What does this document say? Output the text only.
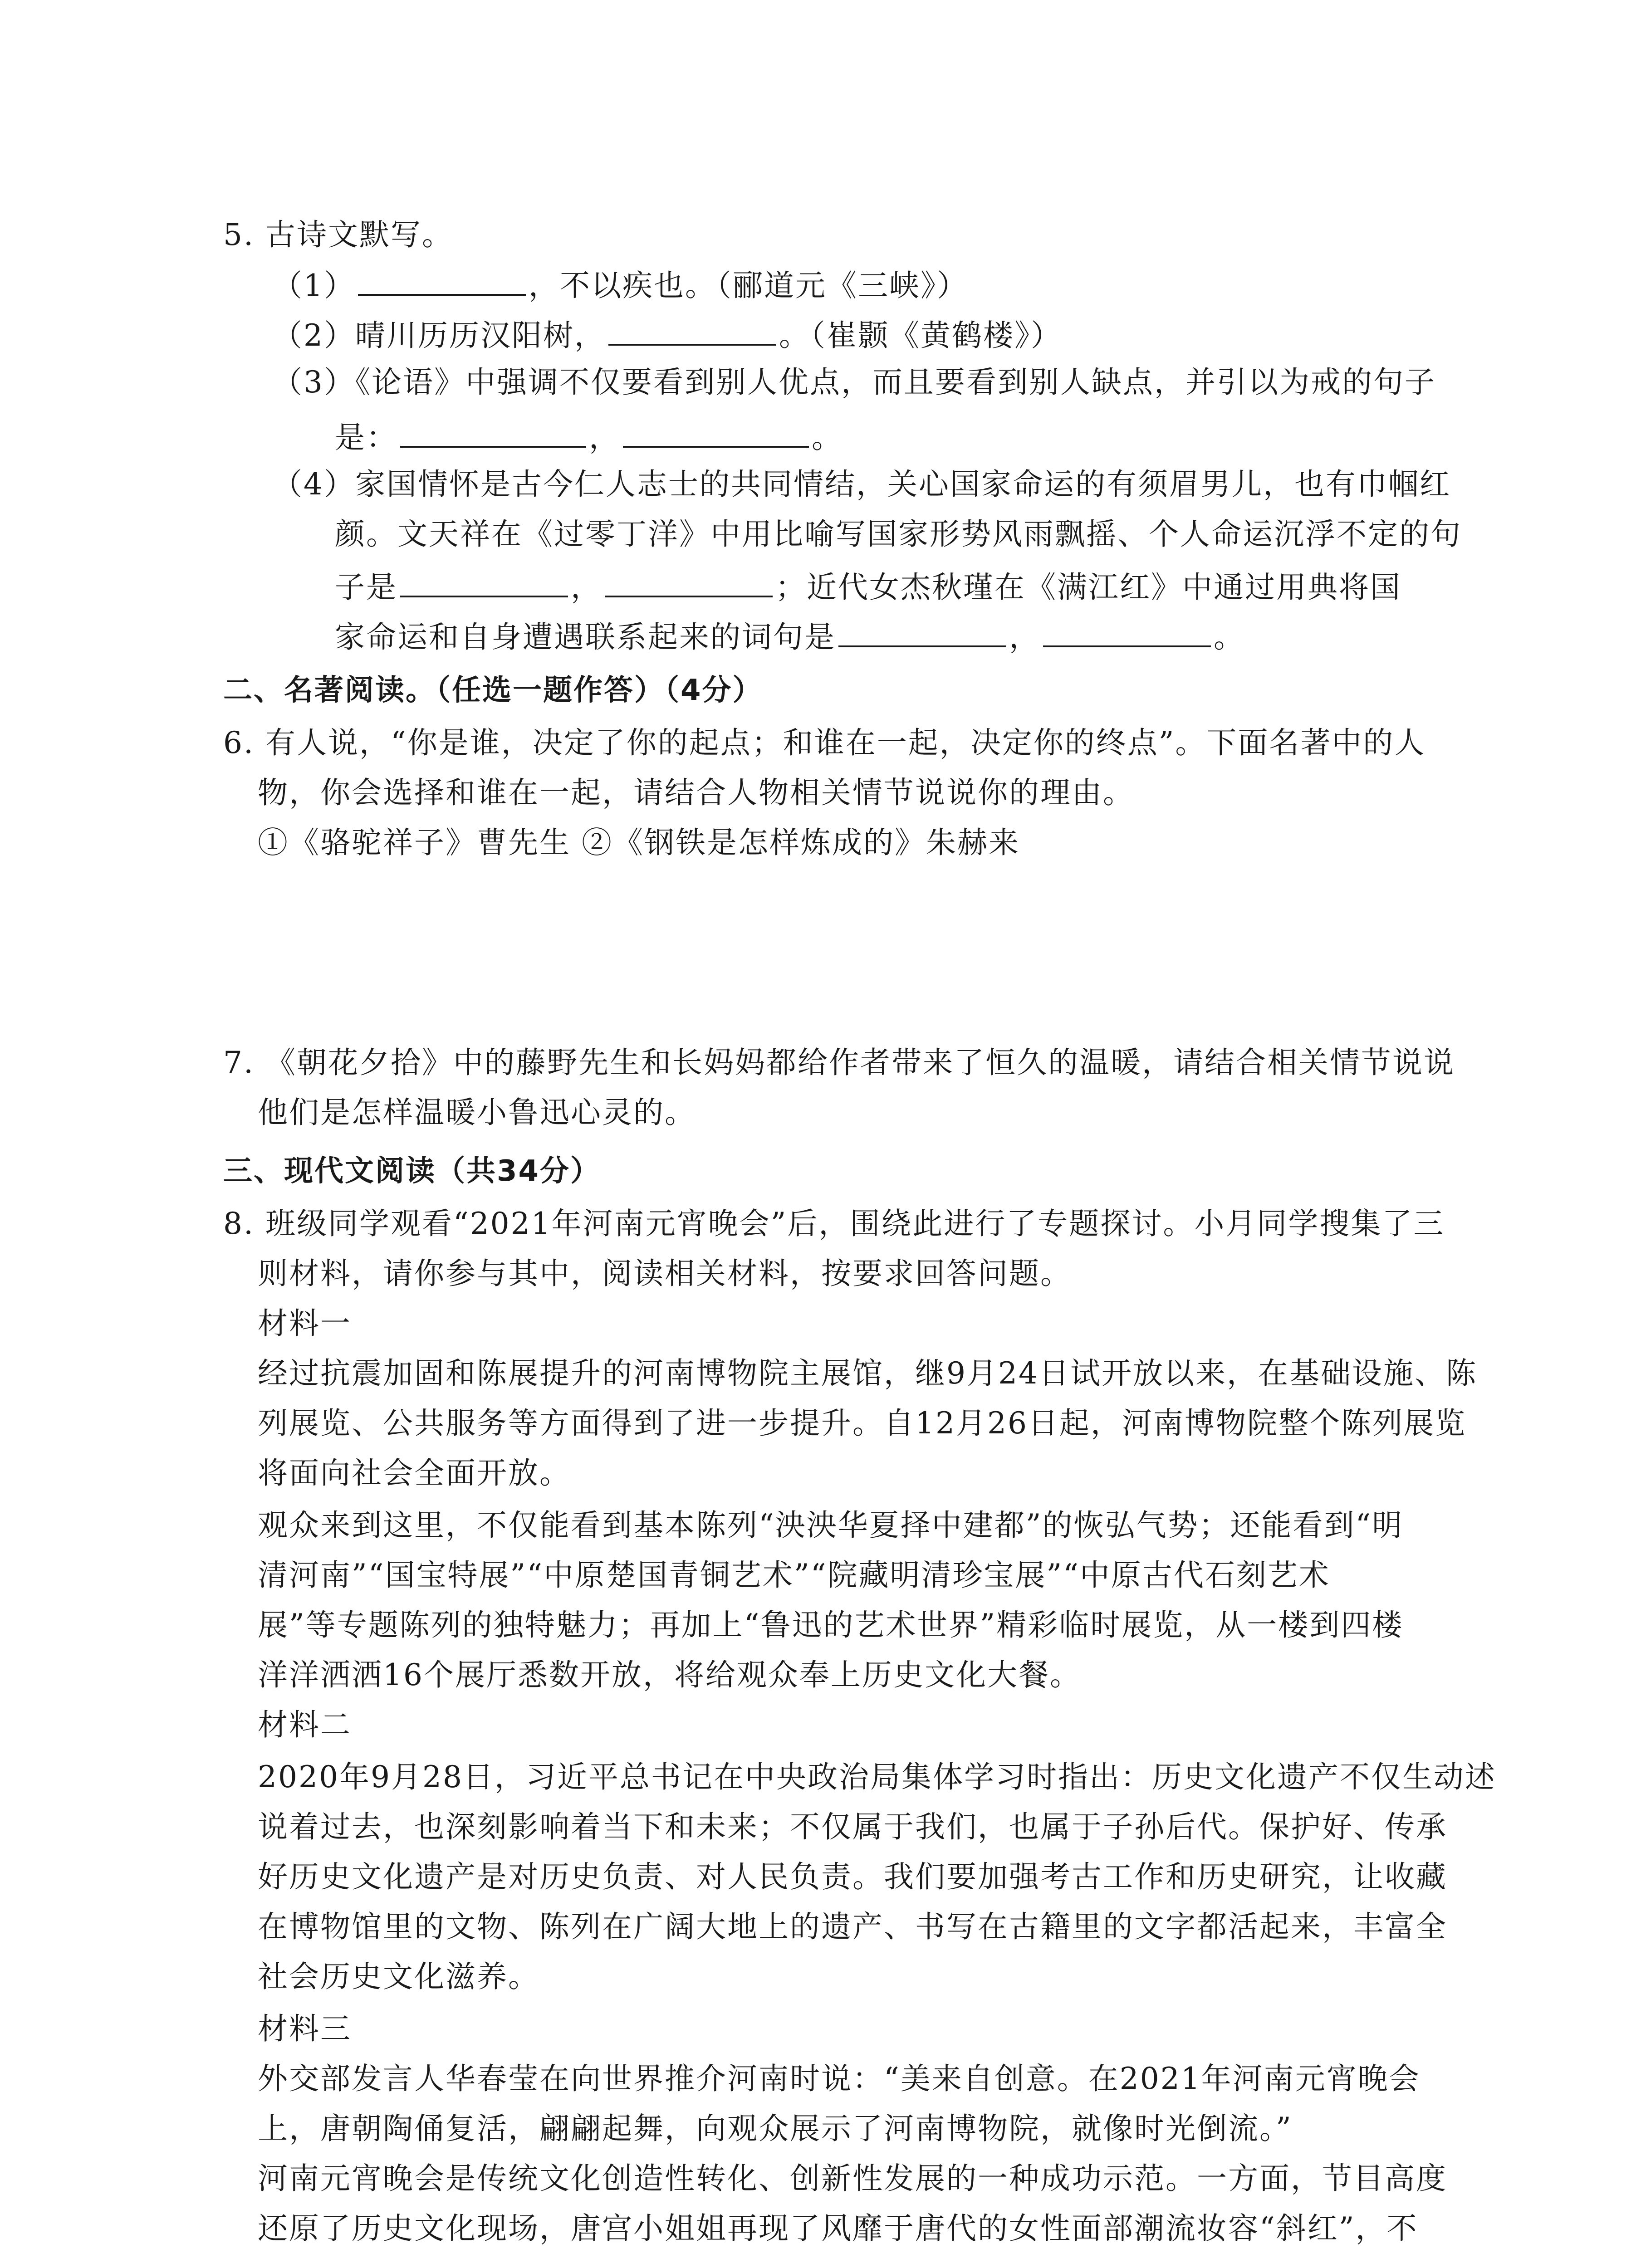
5. 古诗文默写。
（1）	，不以疾也。（郦道元《三峡》）
（2）晴川历历汉阳树，	。（崔颢《黄鹤楼》）
（3）《论语》中强调不仅要看到别人优点，而且要看到别人缺点，并引以为戒的句子
是：	，	。
（4）家国情怀是古今仁人志士的共同情结，关心国家命运的有须眉男儿，也有巾帼红
颜。文天祥在《过零丁洋》中用比喻写国家形势风雨飘摇、个人命运沉浮不定的句
子是	，	；近代女杰秋瑾在《满江红》中通过用典将国
家命运和自身遭遇联系起来的词句是	，	。
二、名著阅读。（任选一题作答）（4分）
6. 有人说，“你是谁，决定了你的起点；和谁在一起，决定你的终点”。下面名著中的人
物，你会选择和谁在一起，请结合人物相关情节说说你的理由。
①《骆驼祥子》曹先生 ②《钢铁是怎样炼成的》朱赫来
7. 《朝花夕拾》中的藤野先生和长妈妈都给作者带来了恒久的温暖，请结合相关情节说说
他们是怎样温暖小鲁迅心灵的。
三、现代文阅读（共34分）
8. 班级同学观看“2021年河南元宵晚会”后，围绕此进行了专题探讨。小月同学搜集了三
则材料，请你参与其中，阅读相关材料，按要求回答问题。
材料一
经过抗震加固和陈展提升的河南博物院主展馆，继9月24日试开放以来，在基础设施、陈
列展览、公共服务等方面得到了进一步提升。自12月26日起，河南博物院整个陈列展览
将面向社会全面开放。
观众来到这里，不仅能看到基本陈列“泱泱华夏择中建都”的恢弘气势；还能看到“明
清河南”“国宝特展”“中原楚国青铜艺术”“院藏明清珍宝展”“中原古代石刻艺术
展”等专题陈列的独特魅力；再加上“鲁迅的艺术世界”精彩临时展览，从一楼到四楼
洋洋洒洒16个展厅悉数开放，将给观众奉上历史文化大餐。
材料二
2020年9月28日，习近平总书记在中央政治局集体学习时指出：历史文化遗产不仅生动述
说着过去，也深刻影响着当下和未来；不仅属于我们，也属于子孙后代。保护好、传承
好历史文化遗产是对历史负责、对人民负责。我们要加强考古工作和历史研究，让收藏
在博物馆里的文物、陈列在广阔大地上的遗产、书写在古籍里的文字都活起来，丰富全
社会历史文化滋养。
材料三
外交部发言人华春莹在向世界推介河南时说：“美来自创意。在2021年河南元宵晚会
上，唐朝陶俑复活，翩翩起舞，向观众展示了河南博物院，就像时光倒流。”
河南元宵晚会是传统文化创造性转化、创新性发展的一种成功示范。一方面，节目高度
还原了历史文化现场，唐宫小姐姐再现了风靡于唐代的女性面部潮流妆容“斜红”，不
